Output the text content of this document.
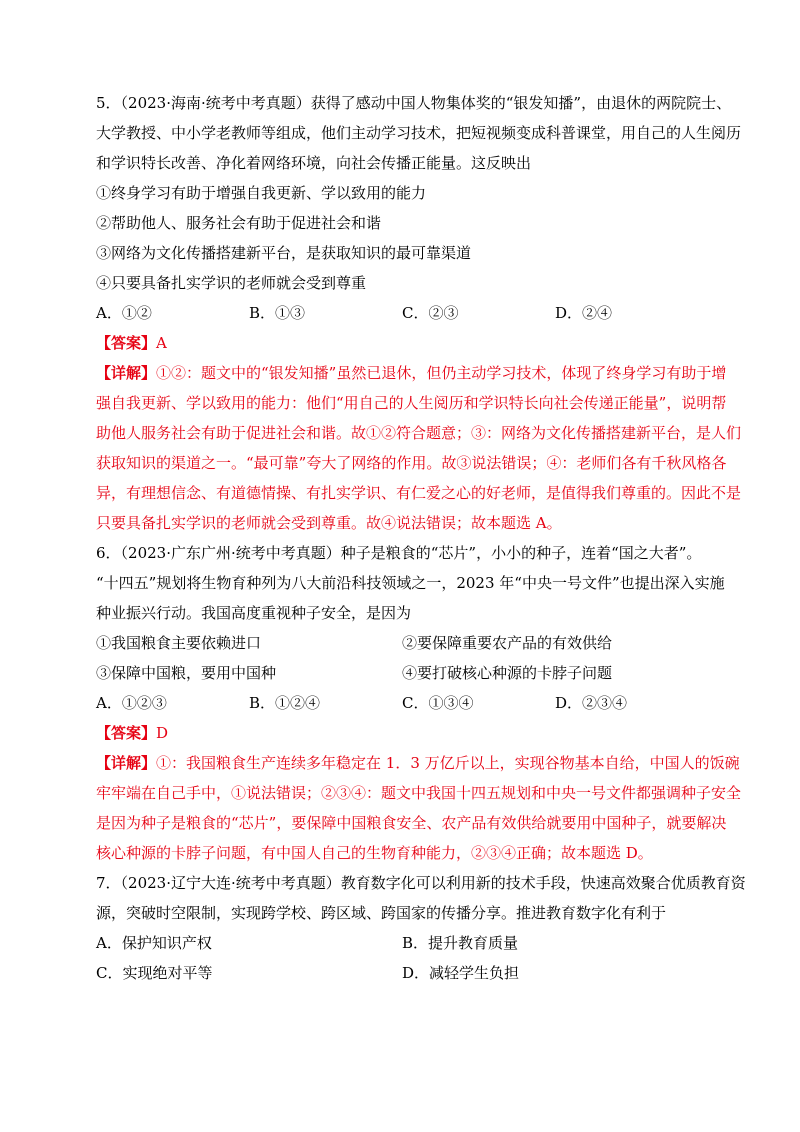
5．（2023·海南·统考中考真题）获得了感动中国人物集体奖的“银发知播”，由退休的两院院士、
大学教授、中小学老教师等组成，他们主动学习技术，把短视频变成科普课堂，用自己的人生阅历
和学识特长改善、净化着网络环境，向社会传播正能量。这反映出
①终身学习有助于增强自我更新、学以致用的能力
②帮助他人、服务社会有助于促进社会和谐
③网络为文化传播搭建新平台，是获取知识的最可靠渠道
④只要具备扎实学识的老师就会受到尊重
A．①②	B．①③	C．②③	D．②④
【答案】A
【详解】①②：题文中的“银发知播”虽然已退休，但仍主动学习技术，体现了终身学习有助于增
强自我更新、学以致用的能力：他们“用自己的人生阅历和学识特长向社会传递正能量”，说明帮
助他人服务社会有助于促进社会和谐。故①②符合题意；③：网络为文化传播搭建新平台，是人们
获取知识的渠道之一。“最可靠”夸大了网络的作用。故③说法错误；④：老师们各有千秋风格各
异，有理想信念、有道德情操、有扎实学识、有仁爱之心的好老师，是值得我们尊重的。因此不是
只要具备扎实学识的老师就会受到尊重。故④说法错误；故本题选 A。
6．（2023·广东广州·统考中考真题）种子是粮食的“芯片”，小小的种子，连着“国之大者”。
“十四五”规划将生物育种列为八大前沿科技领域之一，2023 年“中央一号文件”也提出深入实施
种业振兴行动。我国高度重视种子安全，是因为
①我国粮食主要依赖进口	②要保障重要农产品的有效供给
③保障中国粮，要用中国种	④要打破核心种源的卡脖子问题
A．①②③	B．①②④	C．①③④	D．②③④
【答案】D
【详解】①：我国粮食生产连续多年稳定在 1．3 万亿斤以上，实现谷物基本自给，中国人的饭碗
牢牢端在自己手中，①说法错误；②③④：题文中我国十四五规划和中央一号文件都强调种子安全
是因为种子是粮食的“芯片”，要保障中国粮食安全、农产品有效供给就要用中国种子，就要解决
核心种源的卡脖子问题，有中国人自己的生物育种能力，②③④正确；故本题选 D。
7．（2023·辽宁大连·统考中考真题）教育数字化可以利用新的技术手段，快速高效聚合优质教育资
源，突破时空限制，实现跨学校、跨区域、跨国家的传播分享。推进教育数字化有利于
A．保护知识产权	B．提升教育质量
C．实现绝对平等	D．减轻学生负担
